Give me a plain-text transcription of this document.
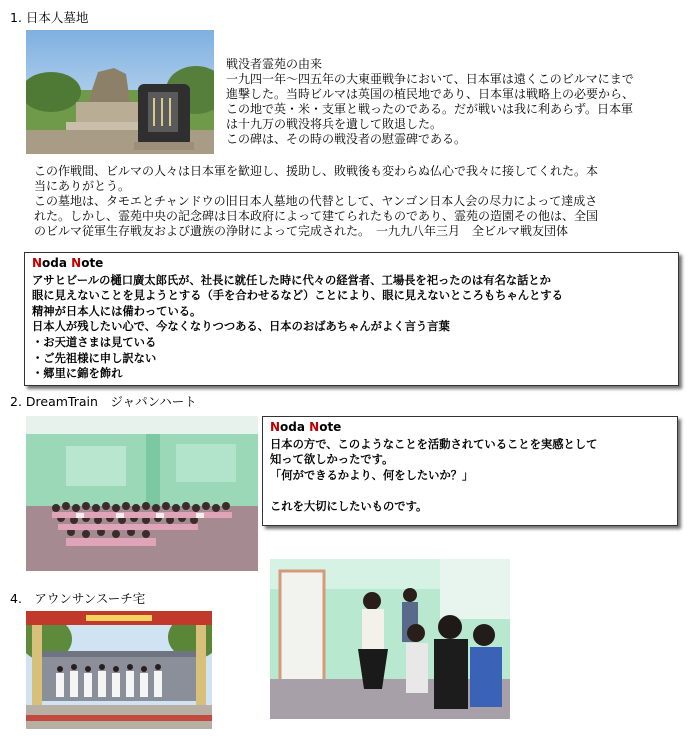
1. 日本人墓地

戦没者霊苑の由来

一九四一年～四五年の大東亜戦争において、日本軍は遠くこのビルマにまで

進撃した。当時ビルマは英国の植民地であり、日本軍は戦略上の必要から、

この地で英・米・支軍と戦ったのである。だが戦いは我に利あらず。日本軍

は十九万の戦没将兵を遺して敗退した。

この碑は、その時の戦没者の慰霊碑である。

この作戦間、ビルマの人々は日本軍を歓迎し、援助し、敗戦後も変わらぬ仏心で我々に接してくれた。本

当にありがとう。

この墓地は、タモエとチャンドウの旧日本人墓地の代替として、ヤンゴン日本人会の尽力によって達成さ

れた。しかし、霊苑中央の記念碑は日本政府によって建てられたものであり、霊苑の造園その他は、全国

のビルマ従軍生存戦友および遺族の浄財によって完成された。　一九九八年三月　全ビルマ戦友団体

Noda Note

アサヒビールの樋口廣太郎氏が、社長に就任した時に代々の経営者、工場長を祀ったのは有名な話とか

眼に見えないことを見ようとする（手を合わせるなど）ことにより、眼に見えないところもちゃんとする

精神が日本人には備わっている。

日本人が残したい心で、今なくなりつつある、日本のおばあちゃんがよく言う言葉

・お天道さまは見ている

・ご先祖様に申し訳ない

・郷里に錦を飾れ

2. DreamTrain　ジャパンハート
Noda Note

日本の方で、このようなことを活動されていることを実感として

知って欲しかったです。

「何ができるかより、何をしたいか？」

これを大切にしたいものです。

4.　アウンサンスーチ宅
